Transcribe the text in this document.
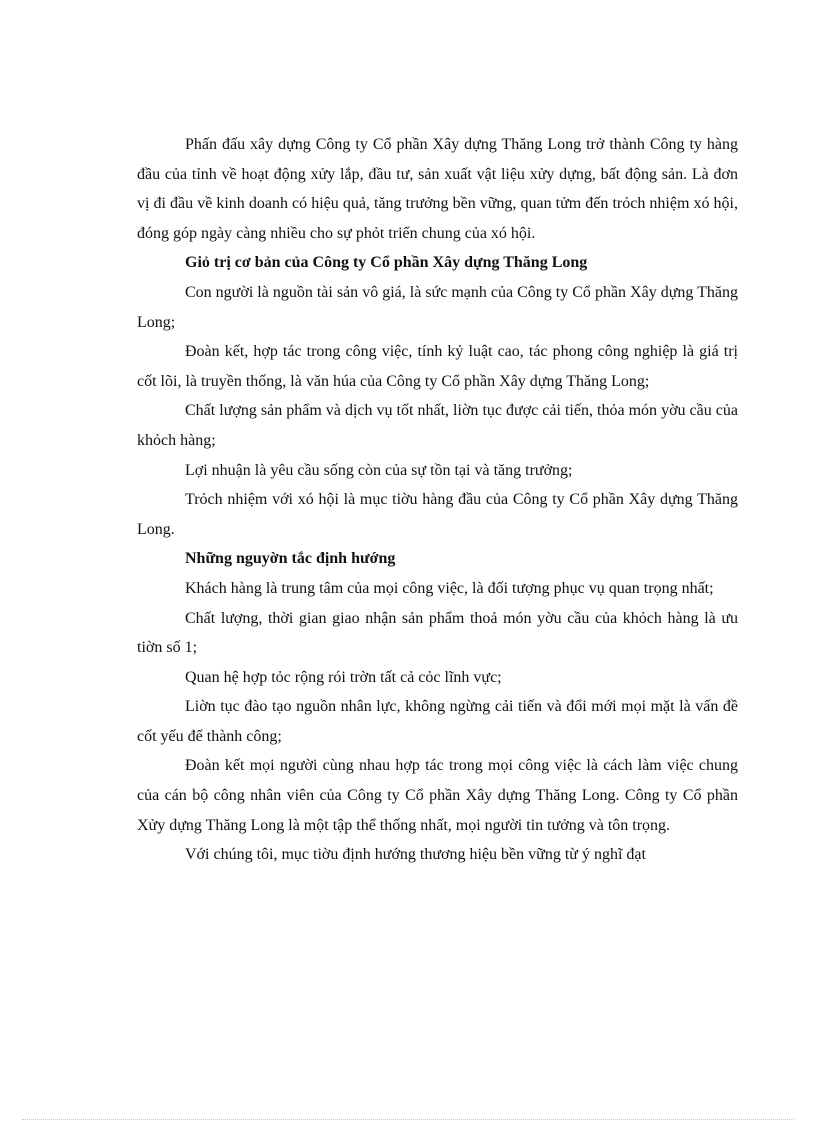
Phấn đấu xây dựng Công ty Cổ phần Xây dựng Thăng Long trở thành Công ty hàng đầu của tỉnh về hoạt động xửy lắp, đầu tư, sản xuất vật liệu xửy dựng, bất động sản. Là đơn vị đi đầu về kinh doanh có hiệu quả, tăng trưởng bền vững, quan tửm đến trỏch nhiệm xó hội, đóng góp ngày càng nhiều cho sự phỏt triển chung của xó hội.

Giỏ trị cơ bản của Công ty Cổ phần Xây dựng Thăng Long

Con người là nguồn tài sản vô giá, là sức mạnh của Công ty Cổ phần Xây dựng Thăng Long;

Đoàn kết, hợp tác trong công việc, tính kỷ luật cao, tác phong công nghiệp là giá trị cốt lõi, là truyền thống, là văn húa của Công ty Cổ phần Xây dựng Thăng Long;

Chất lượng sản phẩm và dịch vụ tốt nhất, liờn tục được cải tiến, thỏa món yờu cầu của khỏch hàng;

Lợi nhuận là yêu cầu sống còn của sự tồn tại và tăng trưởng;

Trỏch nhiệm với xó hội là mục tiờu hàng đầu của Công ty Cổ phần Xây dựng Thăng Long.

Những nguyờn tắc định hướng

Khách hàng là trung tâm của mọi công việc, là đối tượng phục vụ quan trọng nhất;

Chất lượng, thời gian giao nhận sản phẩm thoả món yờu cầu của khỏch hàng là ưu tiờn số 1;

Quan hệ hợp tỏc rộng rói trờn tất cả cỏc lĩnh vực;

Liờn tục đào tạo nguồn nhân lực, không ngừng cải tiến và đổi mới mọi mặt là vấn đề cốt yếu để thành công;

Đoàn kết mọi người cùng nhau hợp tác trong mọi công việc là cách làm việc chung của cán bộ công nhân viên của Công ty Cổ phần Xây dựng Thăng Long. Công ty Cổ phần Xửy dựng Thăng Long là một tập thể thống nhất, mọi người tin tưởng và tôn trọng.

Với chúng tôi, mục tiờu định hướng thương hiệu bền vững từ ý nghĩ đạt
